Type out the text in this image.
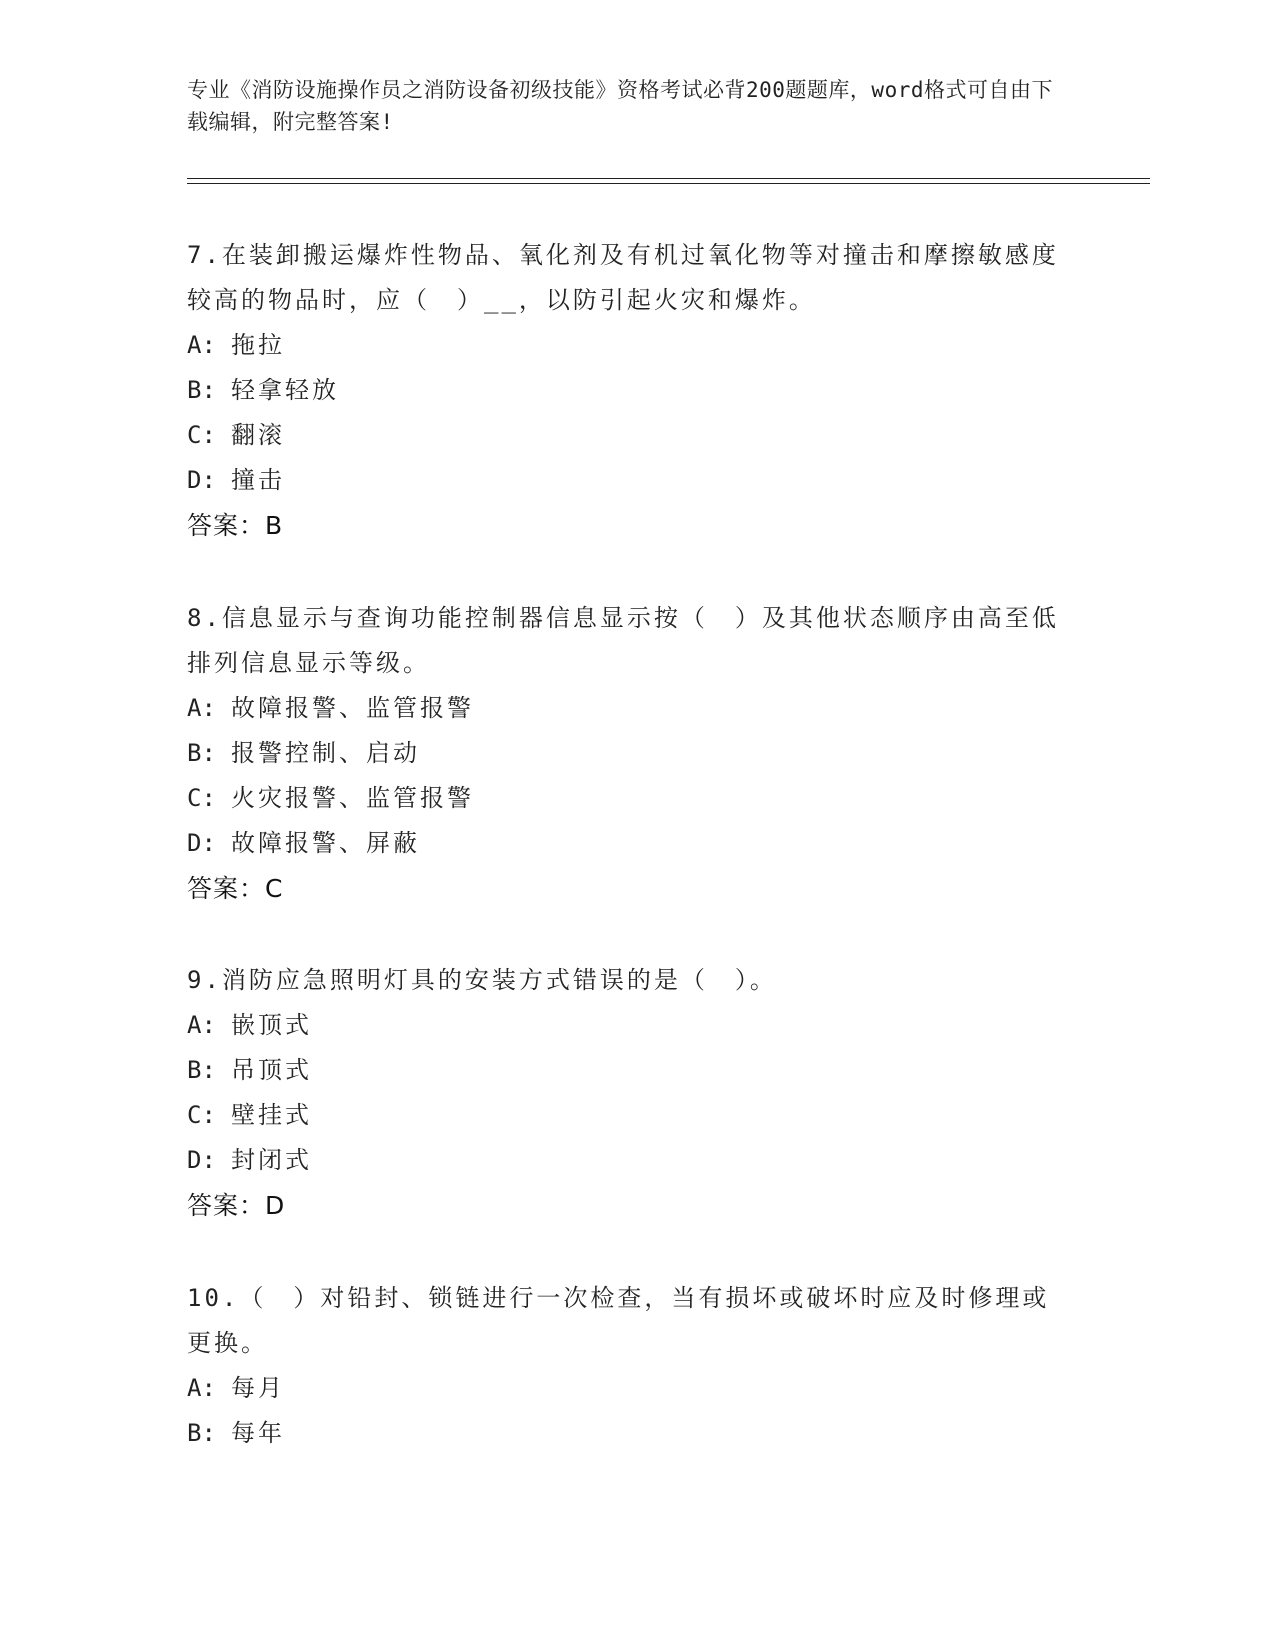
专业《消防设施操作员之消防设备初级技能》资格考试必背200题题库，word格式可自由下载编辑，附完整答案!

7.在装卸搬运爆炸性物品、氧化剂及有机过氧化物等对撞击和摩擦敏感度较高的物品时，应（　）__，以防引起火灾和爆炸。

A: 拖拉

B: 轻拿轻放

C: 翻滚

D: 撞击

答案：B

8.信息显示与查询功能控制器信息显示按（　）及其他状态顺序由高至低排列信息显示等级。

A: 故障报警、监管报警

B: 报警控制、启动

C: 火灾报警、监管报警

D: 故障报警、屏蔽

答案：C

9.消防应急照明灯具的安装方式错误的是（　）。

A: 嵌顶式

B: 吊顶式

C: 壁挂式

D: 封闭式

答案：D

10.（　）对铅封、锁链进行一次检查，当有损坏或破坏时应及时修理或更换。

A: 每月

B: 每年
